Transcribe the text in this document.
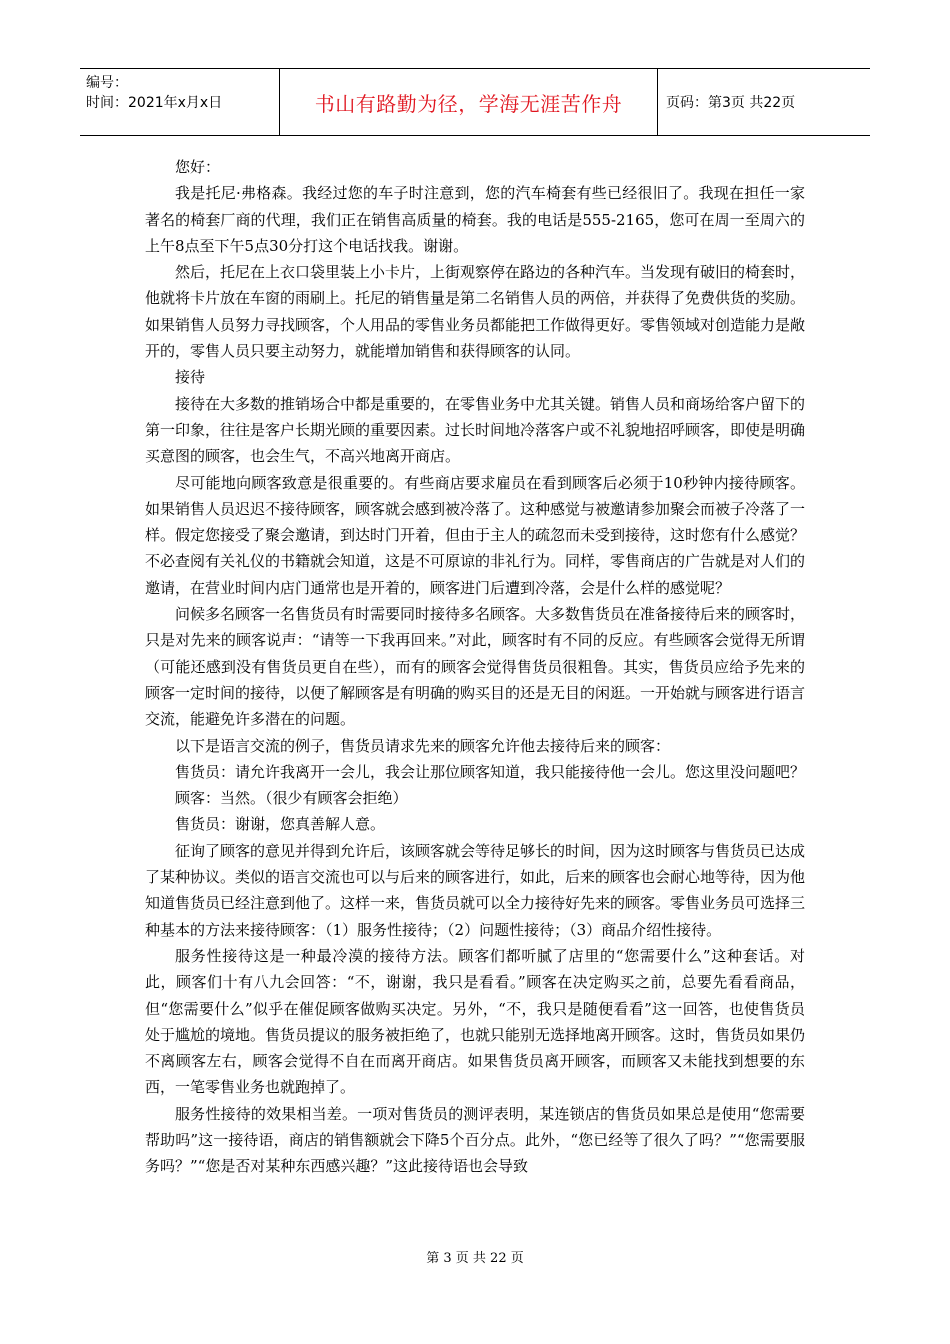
编号：
时间：2021年x月x日	书山有路勤为径，学海无涯苦作舟	页码：第3页 共22页

您好：

我是托尼·弗格森。我经过您的车子时注意到，您的汽车椅套有些已经很旧了。我现在担任一家著名的椅套厂商的代理，我们正在销售高质量的椅套。我的电话是555-2165，您可在周一至周六的上午8点至下午5点30分打这个电话找我。谢谢。

然后，托尼在上衣口袋里装上小卡片，上街观察停在路边的各种汽车。当发现有破旧的椅套时，他就将卡片放在车窗的雨刷上。托尼的销售量是第二名销售人员的两倍，并获得了免费供货的奖励。如果销售人员努力寻找顾客，个人用品的零售业务员都能把工作做得更好。零售领域对创造能力是敞开的，零售人员只要主动努力，就能增加销售和获得顾客的认同。

接待

接待在大多数的推销场合中都是重要的，在零售业务中尤其关键。销售人员和商场给客户留下的第一印象，往往是客户长期光顾的重要因素。过长时间地冷落客户或不礼貌地招呼顾客，即使是明确买意图的顾客，也会生气，不高兴地离开商店。

尽可能地向顾客致意是很重要的。有些商店要求雇员在看到顾客后必须于10秒钟内接待顾客。如果销售人员迟迟不接待顾客，顾客就会感到被冷落了。这种感觉与被邀请参加聚会而被子冷落了一样。假定您接受了聚会邀请，到达时门开着，但由于主人的疏忽而未受到接待，这时您有什么感觉？不必查阅有关礼仪的书籍就会知道，这是不可原谅的非礼行为。同样，零售商店的广告就是对人们的邀请，在营业时间内店门通常也是开着的，顾客进门后遭到冷落，会是什么样的感觉呢？

问候多名顾客一名售货员有时需要同时接待多名顾客。大多数售货员在准备接待后来的顾客时，只是对先来的顾客说声：“请等一下我再回来。”对此，顾客时有不同的反应。有些顾客会觉得无所谓（可能还感到没有售货员更自在些），而有的顾客会觉得售货员很粗鲁。其实，售货员应给予先来的顾客一定时间的接待，以便了解顾客是有明确的购买目的还是无目的闲逛。一开始就与顾客进行语言交流，能避免许多潜在的问题。

以下是语言交流的例子，售货员请求先来的顾客允许他去接待后来的顾客：

售货员：请允许我离开一会儿，我会让那位顾客知道，我只能接待他一会儿。您这里没问题吧？

顾客：当然。（很少有顾客会拒绝）

售货员：谢谢，您真善解人意。

征询了顾客的意见并得到允许后，该顾客就会等待足够长的时间，因为这时顾客与售货员已达成了某种协议。类似的语言交流也可以与后来的顾客进行，如此，后来的顾客也会耐心地等待，因为他知道售货员已经注意到他了。这样一来，售货员就可以全力接待好先来的顾客。零售业务员可选择三种基本的方法来接待顾客：（1）服务性接待；（2）问题性接待；（3）商品介绍性接待。

服务性接待这是一种最冷漠的接待方法。顾客们都听腻了店里的“您需要什么”这种套话。对此，顾客们十有八九会回答：“不，谢谢，我只是看看。”顾客在决定购买之前，总要先看看商品，但“您需要什么”似乎在催促顾客做购买决定。另外，“不，我只是随便看看”这一回答，也使售货员处于尴尬的境地。售货员提议的服务被拒绝了，也就只能别无选择地离开顾客。这时，售货员如果仍不离顾客左右，顾客会觉得不自在而离开商店。如果售货员离开顾客，而顾客又未能找到想要的东西，一笔零售业务也就跑掉了。

服务性接待的效果相当差。一项对售货员的测评表明，某连锁店的售货员如果总是使用“您需要帮助吗”这一接待语，商店的销售额就会下降5个百分点。此外，“您已经等了很久了吗？”“您需要服务吗？”“您是否对某种东西感兴趣？”这此接待语也会导致

第 3 页 共 22 页
